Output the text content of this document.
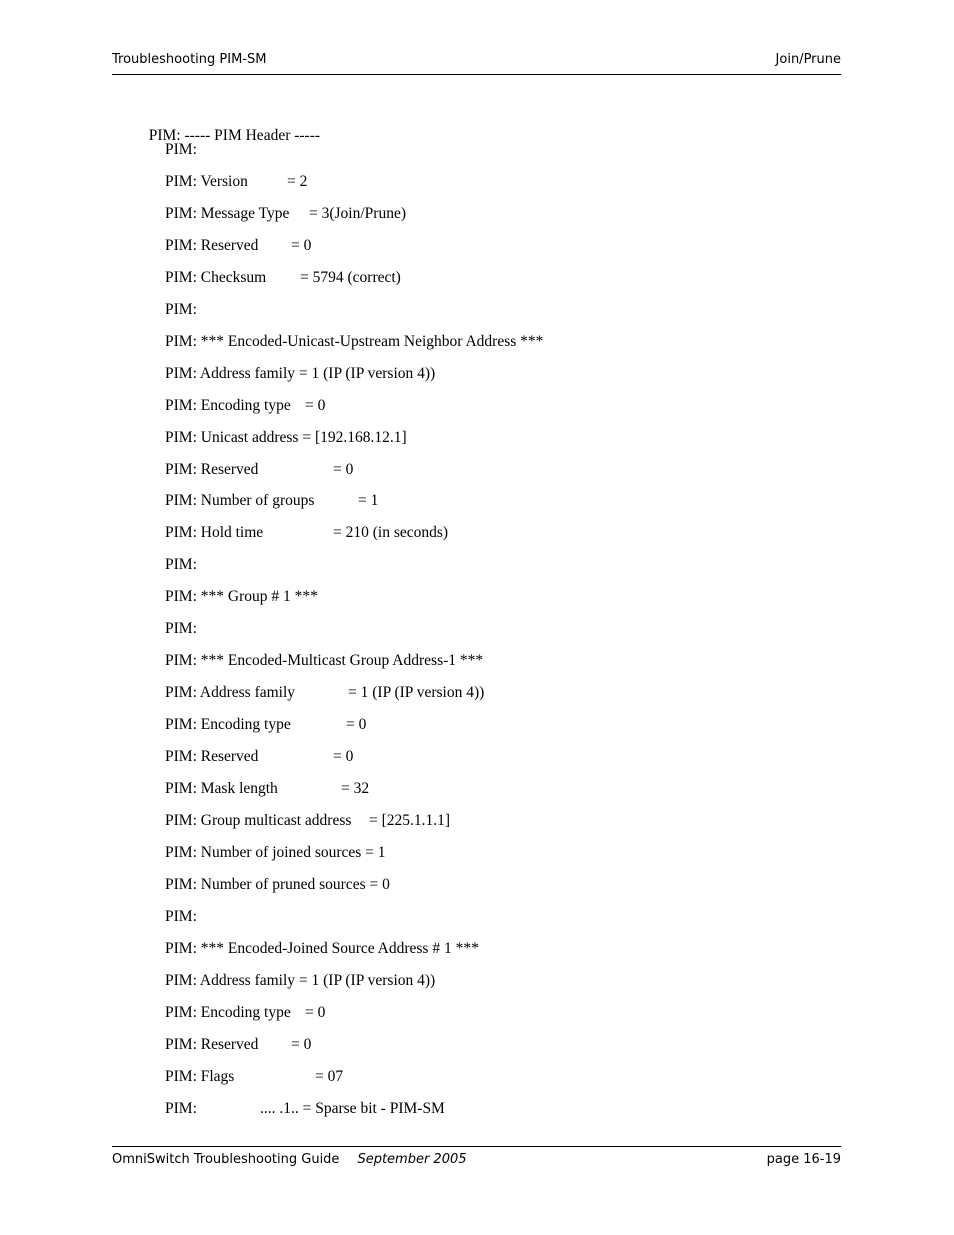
Troubleshooting PIM-SM	Join/Prune

PIM: ----- PIM Header -----

PIM:
PIM: Version	= 2
PIM: Message Type = 3(Join/Prune)
PIM: Reserved = 0
PIM: Checksum = 5794 (correct)
PIM:
PIM: *** Encoded-Unicast-Upstream Neighbor Address ***
PIM: Address family = 1 (IP (IP version 4))
PIM: Encoding type = 0
PIM: Unicast address = [192.168.12.1]
PIM: Reserved	= 0
PIM: Number of groups	= 1
PIM: Hold time	= 210 (in seconds)
PIM:
PIM: *** Group # 1 ***
PIM:
PIM: *** Encoded-Multicast Group Address-1 ***
PIM: Address family	= 1 (IP (IP version 4))
PIM: Encoding type	= 0
PIM: Reserved	= 0
PIM: Mask length	= 32
PIM: Group multicast address = [225.1.1.1]
PIM: Number of joined sources = 1
PIM: Number of pruned sources = 0
PIM:
PIM: *** Encoded-Joined Source Address # 1 ***
PIM: Address family = 1 (IP (IP version 4))
PIM: Encoding type = 0
PIM: Reserved = 0
PIM: Flags	= 07
PIM:	.... .1.. = Sparse bit - PIM-SM
OmniSwitch Troubleshooting Guide September 2005	page 16-19
